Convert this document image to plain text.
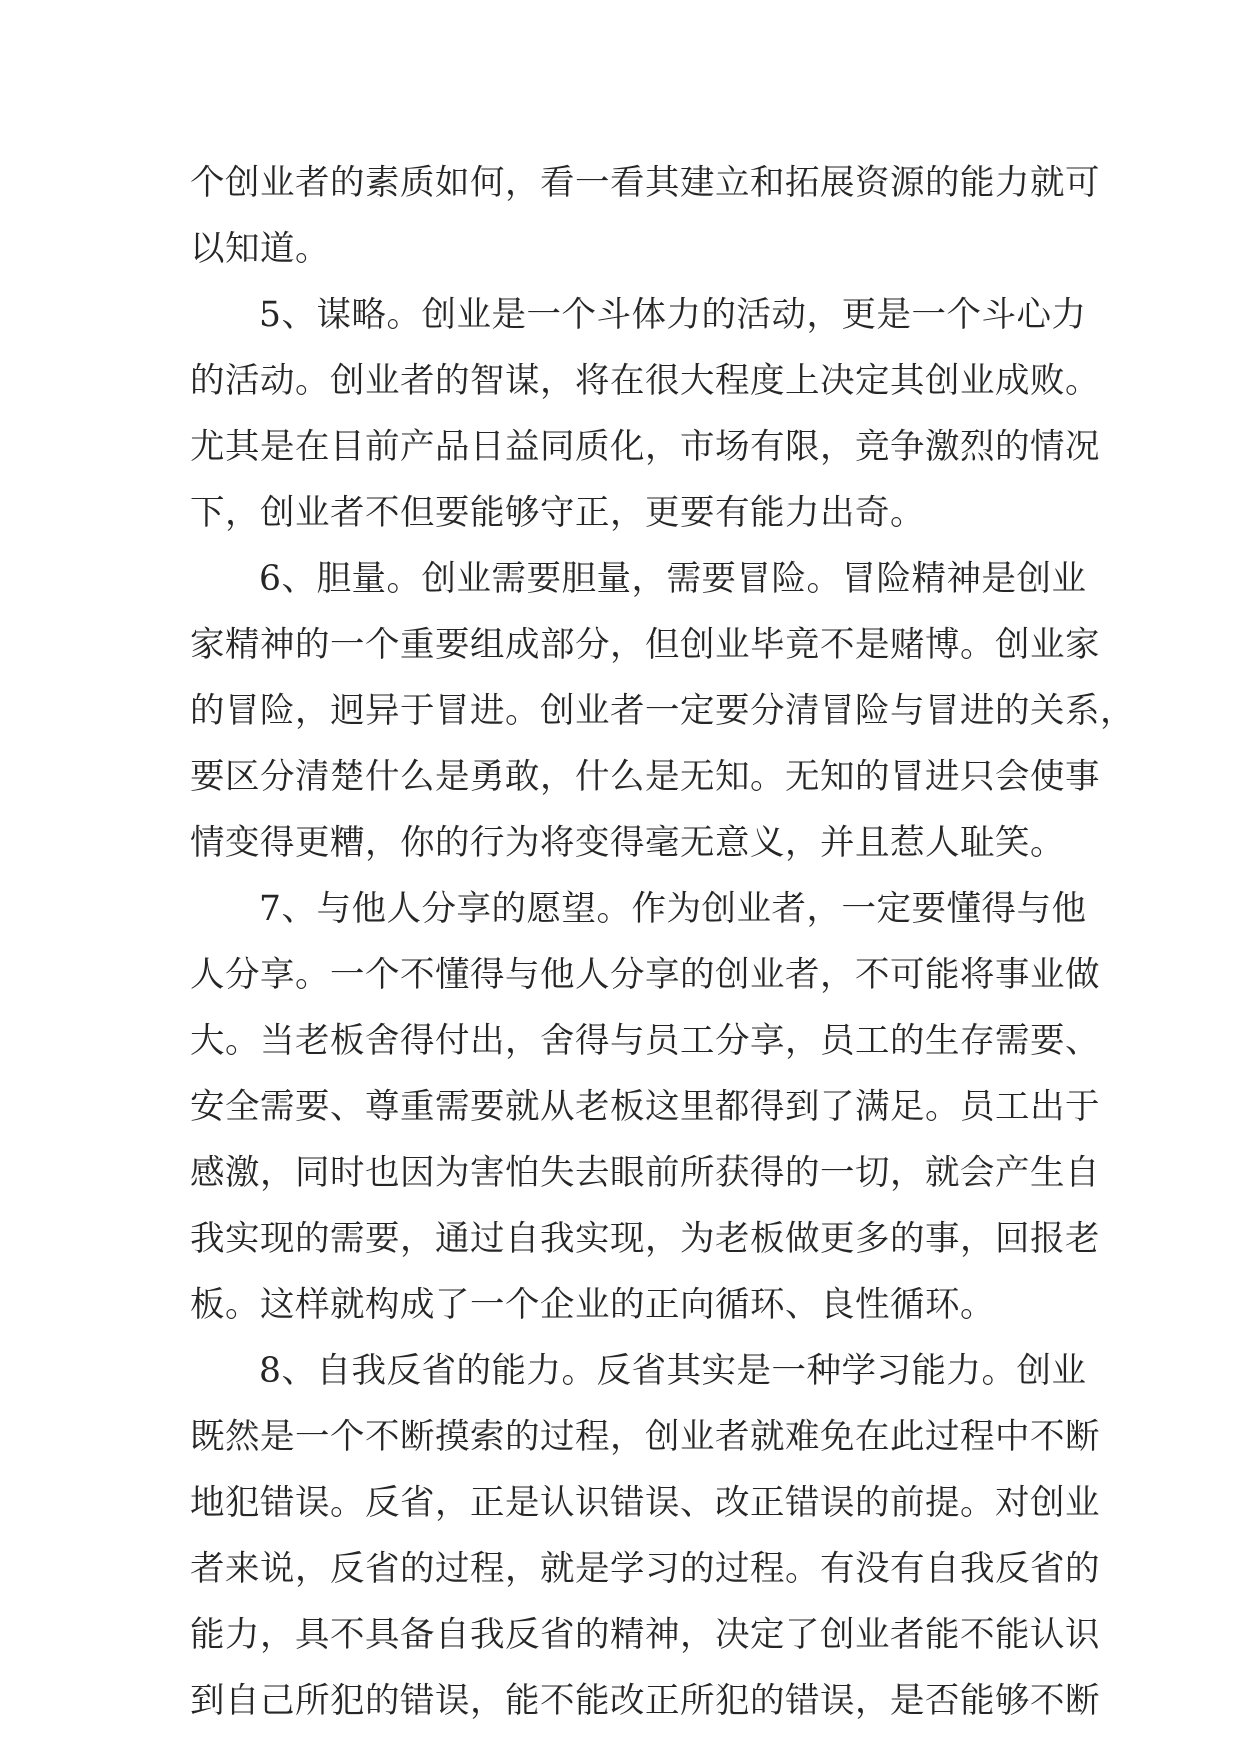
个创业者的素质如何，看一看其建立和拓展资源的能力就可
以知道。
5、谋略。创业是一个斗体力的活动，更是一个斗心力
的活动。创业者的智谋，将在很大程度上决定其创业成败。
尤其是在目前产品日益同质化，市场有限，竞争激烈的情况
下，创业者不但要能够守正，更要有能力出奇。
6、胆量。创业需要胆量，需要冒险。冒险精神是创业
家精神的一个重要组成部分，但创业毕竟不是赌博。创业家
的冒险，迥异于冒进。创业者一定要分清冒险与冒进的关系，
要区分清楚什么是勇敢，什么是无知。无知的冒进只会使事
情变得更糟，你的行为将变得毫无意义，并且惹人耻笑。
7、与他人分享的愿望。作为创业者，一定要懂得与他
人分享。一个不懂得与他人分享的创业者，不可能将事业做
大。当老板舍得付出，舍得与员工分享，员工的生存需要、
安全需要、尊重需要就从老板这里都得到了满足。员工出于
感激，同时也因为害怕失去眼前所获得的一切，就会产生自
我实现的需要，通过自我实现，为老板做更多的事，回报老
板。这样就构成了一个企业的正向循环、良性循环。
8、自我反省的能力。反省其实是一种学习能力。创业
既然是一个不断摸索的过程，创业者就难免在此过程中不断
地犯错误。反省，正是认识错误、改正错误的前提。对创业
者来说，反省的过程，就是学习的过程。有没有自我反省的
能力，具不具备自我反省的精神，决定了创业者能不能认识
到自己所犯的错误，能不能改正所犯的错误，是否能够不断
